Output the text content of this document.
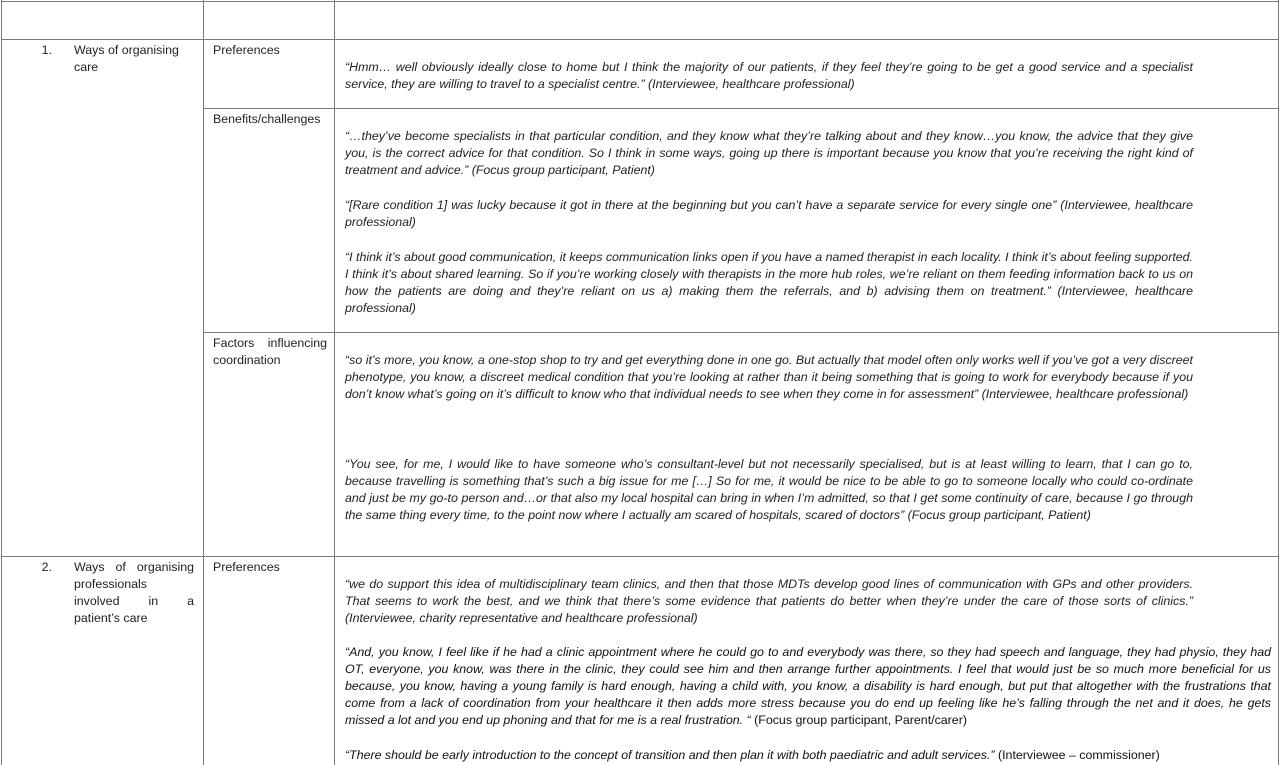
1. Ways of organising
care
Preferences
“Hmm… well obviously ideally close to home but I think the majority of our patients, if they feel they’re going to be get a good service and a specialist service, they are willing to travel to a specialist centre.” (Interviewee, healthcare professional)
Benefits/challenges
“…they’ve become specialists in that particular condition, and they know what they’re talking about and they know…you know, the advice that they give you, is the correct advice for that condition. So I think in some ways, going up there is important because you know that you’re receiving the right kind of treatment and advice.” (Focus group participant, Patient)
“[Rare condition 1] was lucky because it got in there at the beginning but you can’t have a separate service for every single one” (Interviewee, healthcare professional)
“I think it’s about good communication, it keeps communication links open if you have a named therapist in each locality. I think it’s about feeling supported. I think it’s about shared learning. So if you’re working closely with therapists in the more hub roles, we’re reliant on them feeding information back to us on how the patients are doing and they’re reliant on us a) making them the referrals, and b) advising them on treatment.” (Interviewee, healthcare professional)
Factors influencing
coordination	“so it’s more, you know, a one-stop shop to try and get everything done in one go. But actually that model often only works well if you’ve got a very discreet phenotype, you know, a discreet medical condition that you’re looking at rather than it being something that is going to work for everybody because if you don’t know what’s going on it’s difficult to know who that individual needs to see when they come in for assessment” (Interviewee, healthcare professional)
“You see, for me, I would like to have someone who’s consultant-level but not necessarily specialised, but is at least willing to learn, that I can go to, because travelling is something that’s such a big issue for me […] So for me, it would be nice to be able to go to someone locally who could co-ordinate and just be my go-to person and…or that also my local hospital can bring in when I’m admitted, so that I get some continuity of care, because I go through the same thing every time, to the point now where I actually am scared of hospitals, scared of doctors” (Focus group participant, Patient)
2. Ways of organising
professionals
involved in a
patient’s care
Preferences
“we do support this idea of multidisciplinary team clinics, and then that those MDTs develop good lines of communication with GPs and other providers. That seems to work the best, and we think that there’s some evidence that patients do better when they’re under the care of those sorts of clinics.” (Interviewee, charity representative and healthcare professional)
“And, you know, I feel like if he had a clinic appointment where he could go to and everybody was there, so they had speech and language, they had physio, they had OT, everyone, you know, was there in the clinic, they could see him and then arrange further appointments. I feel that would just be so much more beneficial for us because, you know, having a young family is hard enough, having a child with, you know, a disability is hard enough, but put that altogether with the frustrations that come from a lack of coordination from your healthcare it then adds more stress because you do end up feeling like he’s falling through the net and it does, he gets missed a lot and you end up phoning and that for me is a real frustration. “ (Focus group participant, Parent/carer)
“There should be early introduction to the concept of transition and then plan it with both paediatric and adult services.” (Interviewee – commissioner)
